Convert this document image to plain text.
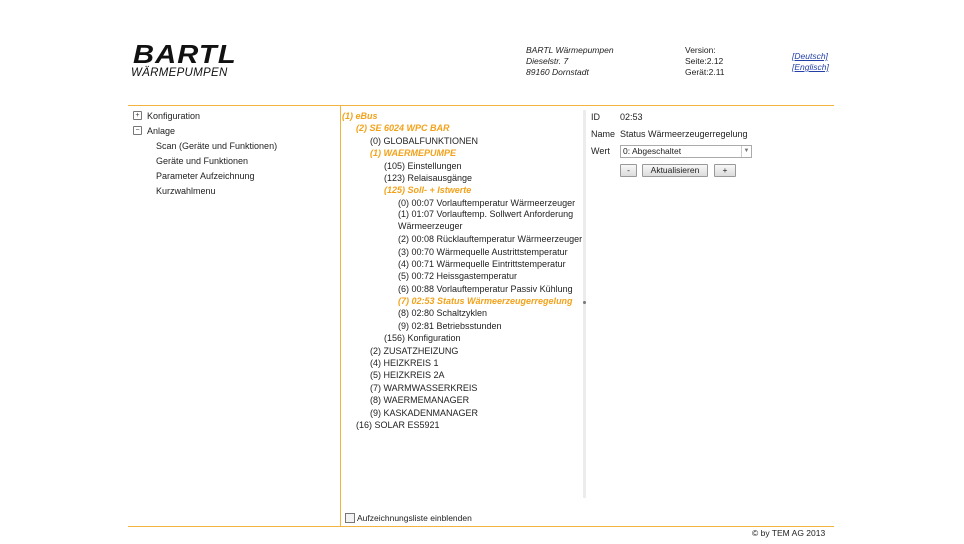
BARTL
WÄRMEPUMPEN
BARTL Wärmepumpen
Dieselstr. 7
89160 Dornstadt
Version:
Seite:2.12
Gerät:2.11
[Deutsch]
[Englisch]
+ Konfiguration
− Anlage
Scan (Geräte und Funktionen)
Geräte und Funktionen
Parameter Aufzeichnung
Kurzwahlmenu
(1) eBus
(2) SE 6024 WPC BAR
(0) GLOBALFUNKTIONEN
(1) WAERMEPUMPE
(105) Einstellungen
(123) Relaisausgänge
(125) Soll- + Istwerte
(0) 00:07 Vorlauftemperatur Wärmeerzeuger
(1) 01:07 Vorlauftemp. Sollwert Anforderung Wärmeerzeuger
(2) 00:08 Rücklauftemperatur Wärmeerzeuger
(3) 00:70 Wärmequelle Austrittstemperatur
(4) 00:71 Wärmequelle Eintrittstemperatur
(5) 00:72 Heissgastemperatur
(6) 00:88 Vorlauftemperatur Passiv Kühlung
(7) 02:53 Status Wärmeerzeugerregelung
(8) 02:80 Schaltzyklen
(9) 02:81 Betriebsstunden
(156) Konfiguration
(2) ZUSATZHEIZUNG
(4) HEIZKREIS 1
(5) HEIZKREIS 2A
(7) WARMWASSERKREIS
(8) WAERMEMANAGER
(9) KASKADENMANAGER
(16) SOLAR ES5921
ID 02:53
Name Status Wärmeerzeugerregelung
Wert 0: Abgeschaltet	▼
-	Aktualisieren	+
Aufzeichnungsliste einblenden
© by TEM AG 2013
